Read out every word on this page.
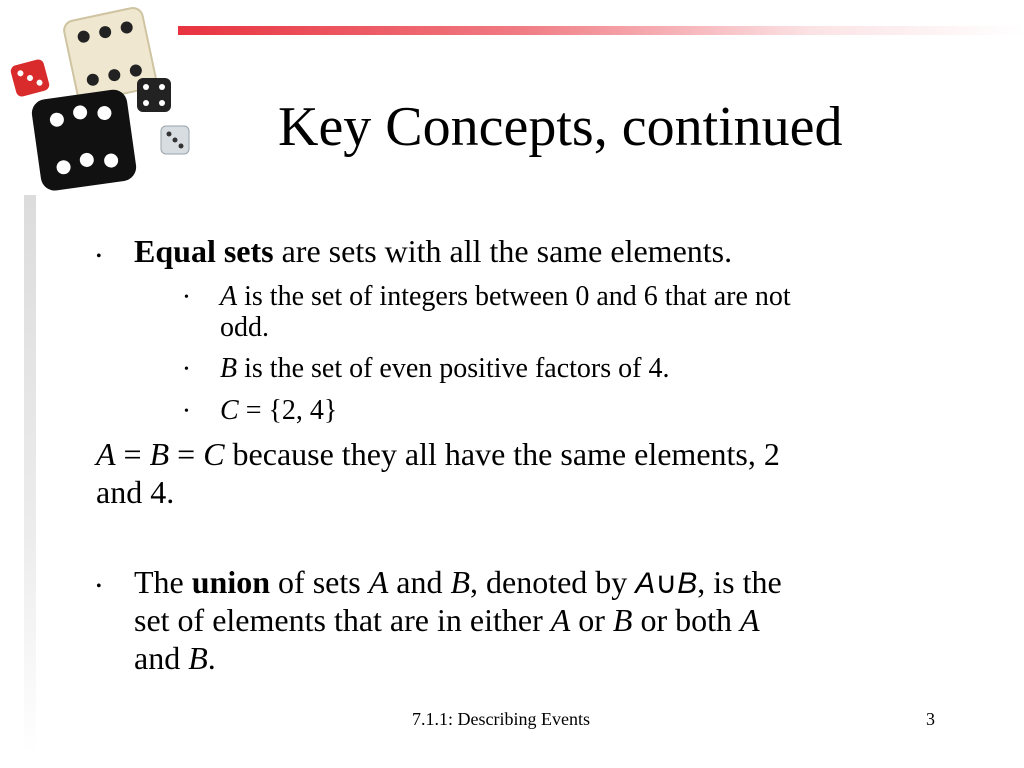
Key Concepts, continued
• Equal sets are sets with all the same elements.
• A is the set of integers between 0 and 6 that are not
odd.
• B is the set of even positive factors of 4.
• C = {2, 4}
A = B = C because they all have the same elements, 2
and 4.
• The union of sets A and B, denoted by A∪B, is the
set of elements that are in either A or B or both A
and B.
7.1.1: Describing Events	3
